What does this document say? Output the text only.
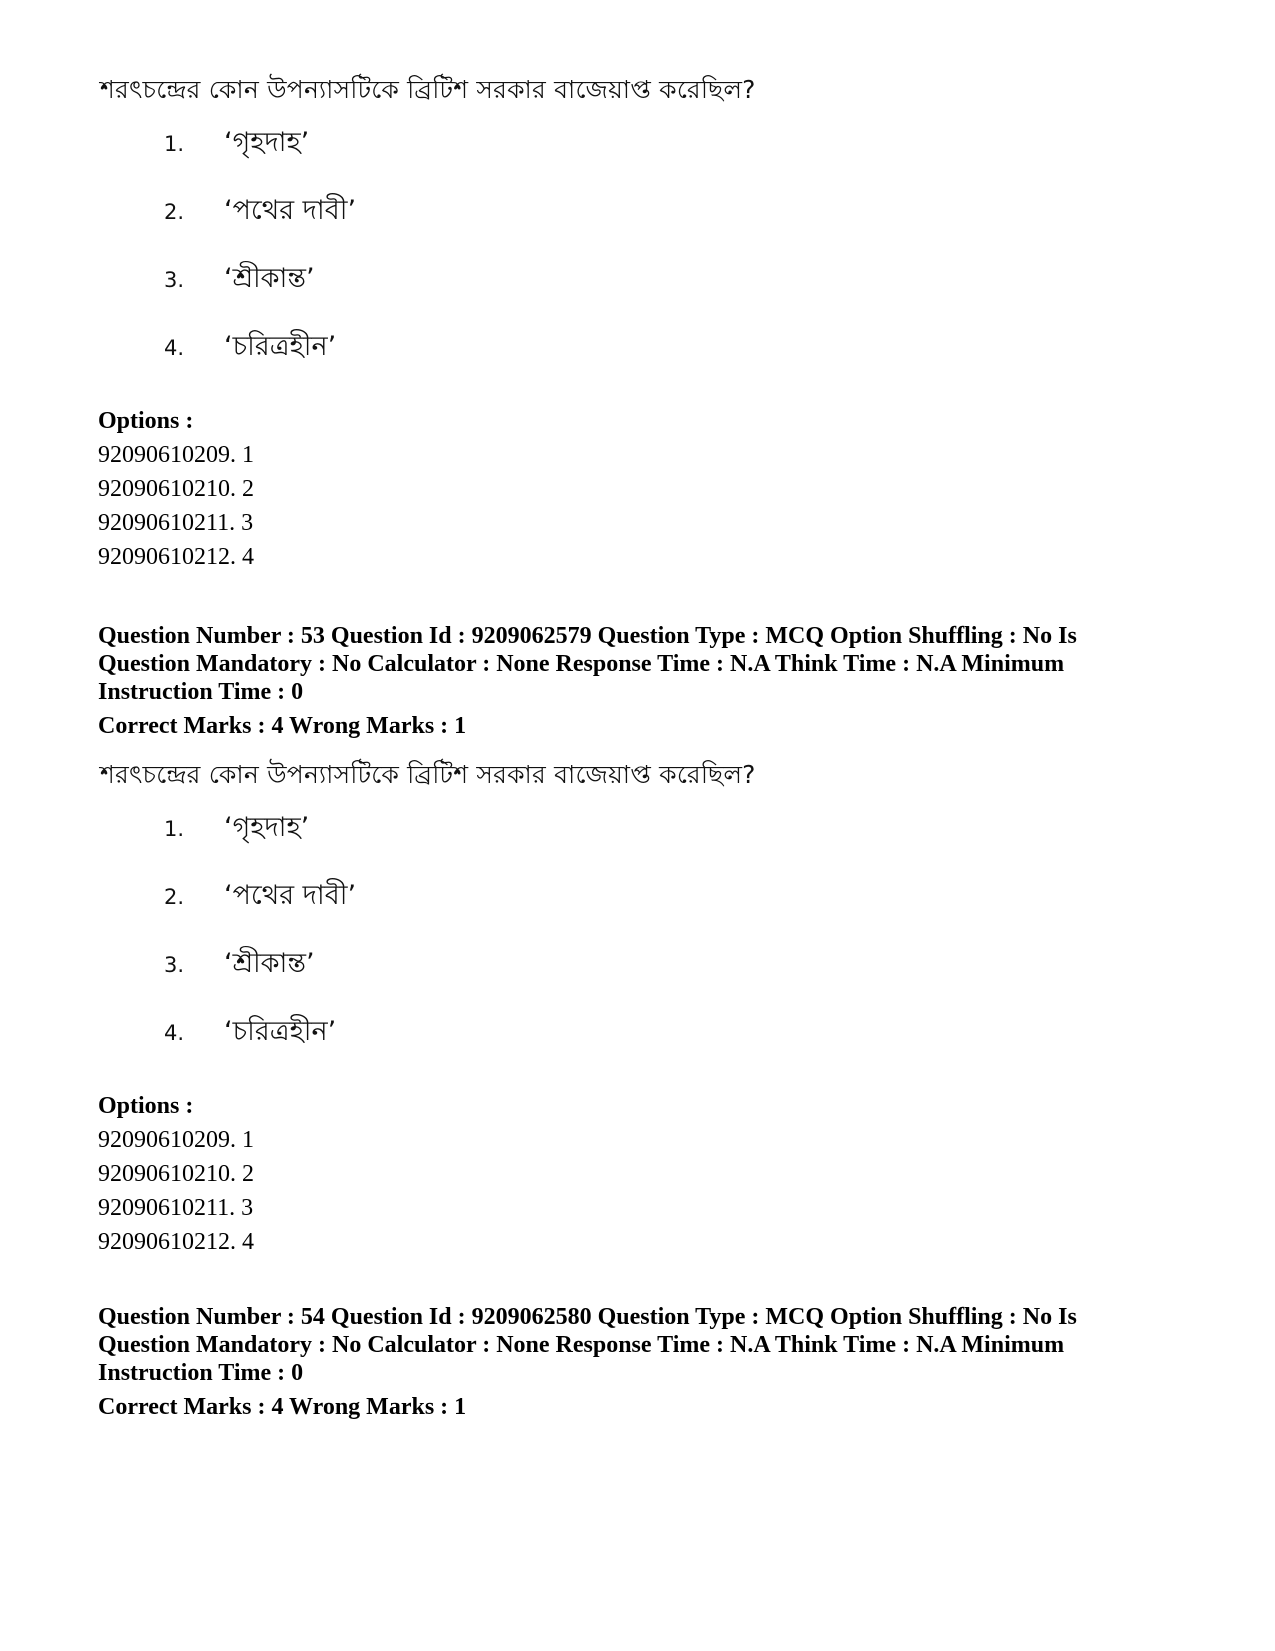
শরৎচন্দ্রের কোন উপন্যাসটিকে ব্রিটিশ সরকার বাজেয়াপ্ত করেছিল?
1.	‘গৃহদাহ’
2.	‘পথের দাবী’
3.	‘শ্রীকান্ত’
4.	‘চরিত্রহীন’
Options :
92090610209. 1
92090610210. 2
92090610211. 3
92090610212. 4
Question Number : 53 Question Id : 9209062579 Question Type : MCQ Option Shuffling : No Is
Question Mandatory : No Calculator : None Response Time : N.A Think Time : N.A Minimum
Instruction Time : 0
Correct Marks : 4 Wrong Marks : 1
শরৎচন্দ্রের কোন উপন্যাসটিকে ব্রিটিশ সরকার বাজেয়াপ্ত করেছিল?
1.	‘গৃহদাহ’
2.	‘পথের দাবী’
3.	‘শ্রীকান্ত’
4.	‘চরিত্রহীন’
Options :
92090610209. 1
92090610210. 2
92090610211. 3
92090610212. 4
Question Number : 54 Question Id : 9209062580 Question Type : MCQ Option Shuffling : No Is
Question Mandatory : No Calculator : None Response Time : N.A Think Time : N.A Minimum
Instruction Time : 0
Correct Marks : 4 Wrong Marks : 1
